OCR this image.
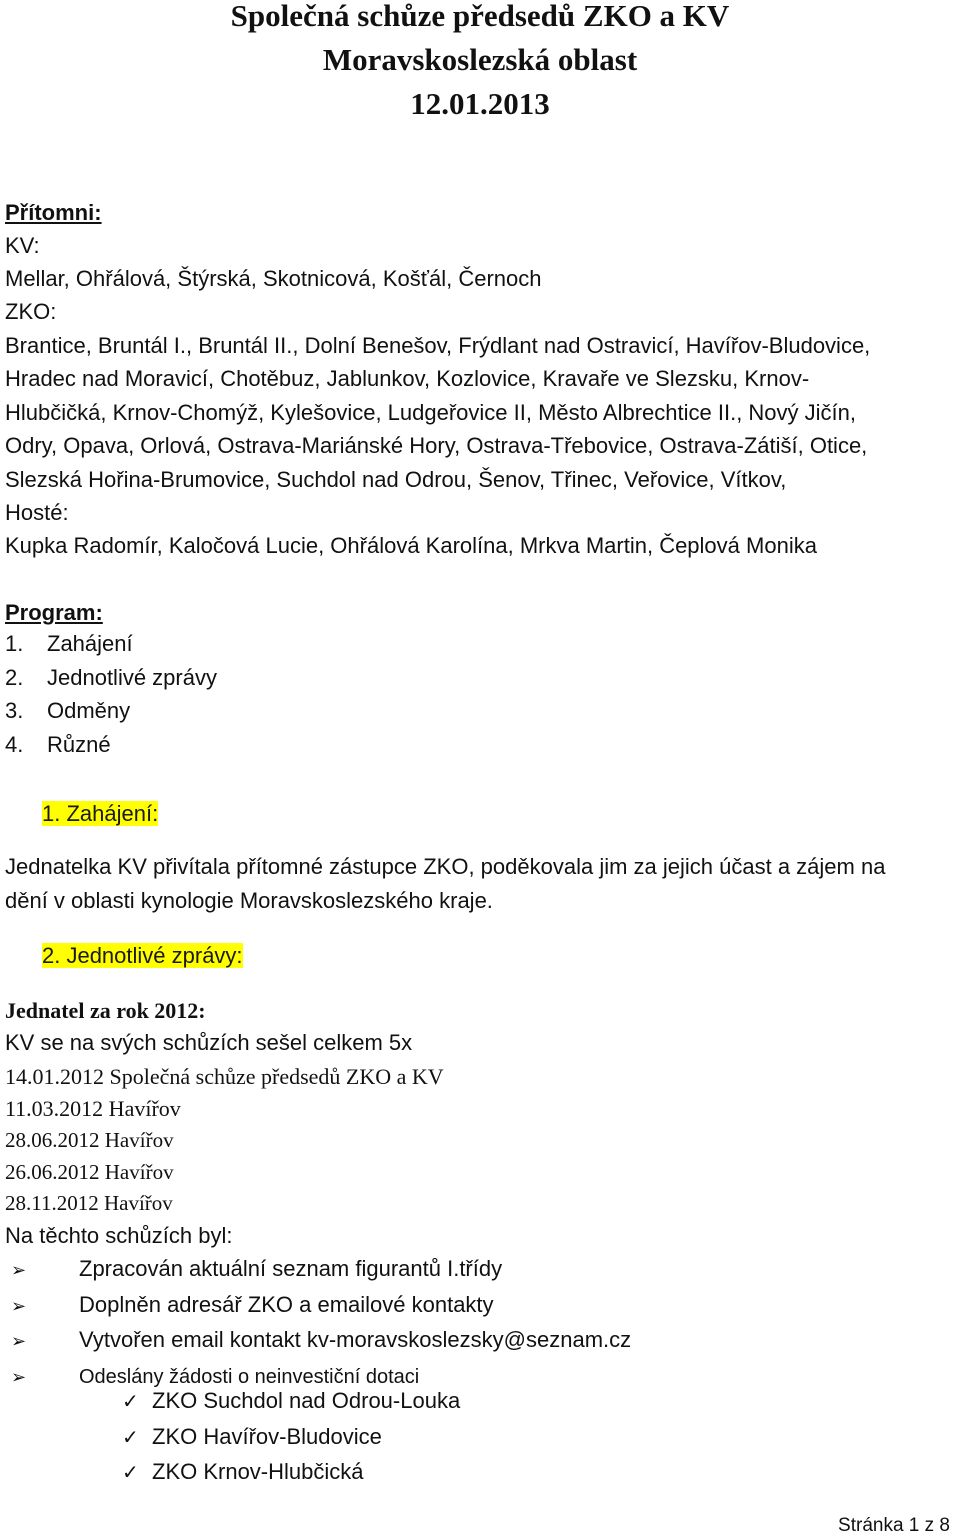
Společná schůze předsedů ZKO a KV

Moravskoslezská oblast

12.01.2013

Přítomni:

KV:

Mellar, Ohřálová, Štýrská, Skotnicová, Košťál, Černoch

ZKO:

Brantice, Bruntál I., Bruntál II., Dolní Benešov, Frýdlant nad Ostravicí, Havířov-Bludovice,

Hradec nad Moravicí, Chotěbuz, Jablunkov, Kozlovice, Kravaře ve Slezsku, Krnov-

Hlubčičká, Krnov-Chomýž, Kylešovice, Ludgeřovice II, Město Albrechtice II., Nový Jičín,

Odry, Opava, Orlová, Ostrava-Mariánské Hory, Ostrava-Třebovice, Ostrava-Zátiší, Otice,

Slezská Hořina-Brumovice, Suchdol nad Odrou, Šenov, Třinec, Veřovice, Vítkov,

Hosté:

Kupka Radomír, Kaločová Lucie, Ohřálová Karolína, Mrkva Martin, Čeplová Monika

Program:

1. Zahájení
2. Jednotlivé zprávy
3. Odměny
4. Různé
1. Zahájení:

Jednatelka KV přivítala přítomné zástupce ZKO, poděkovala jim za jejich účast a zájem na

dění v oblasti kynologie Moravskoslezského kraje.

2. Jednotlivé zprávy:
Jednatel za rok 2012:

KV se na svých schůzích sešel celkem 5x

14.01.2012 Společná schůze předsedů ZKO a KV
11.03.2012 Havířov
28.06.2012 Havířov
26.06.2012 Havířov
28.11.2012 Havířov

Na těchto schůzích byl:

➢ Zpracován aktuální seznam figurantů I.třídy
➢ Doplněn adresář ZKO a emailové kontakty
➢ Vytvořen email kontakt kv-moravskoslezsky@seznam.cz
➢	Odeslány žádosti o neinvestiční dotaci
✓ ZKO Suchdol nad Odrou-Louka
✓ ZKO Havířov-Bludovice
✓ ZKO Krnov-Hlubčická
Stránka 1 z 8
